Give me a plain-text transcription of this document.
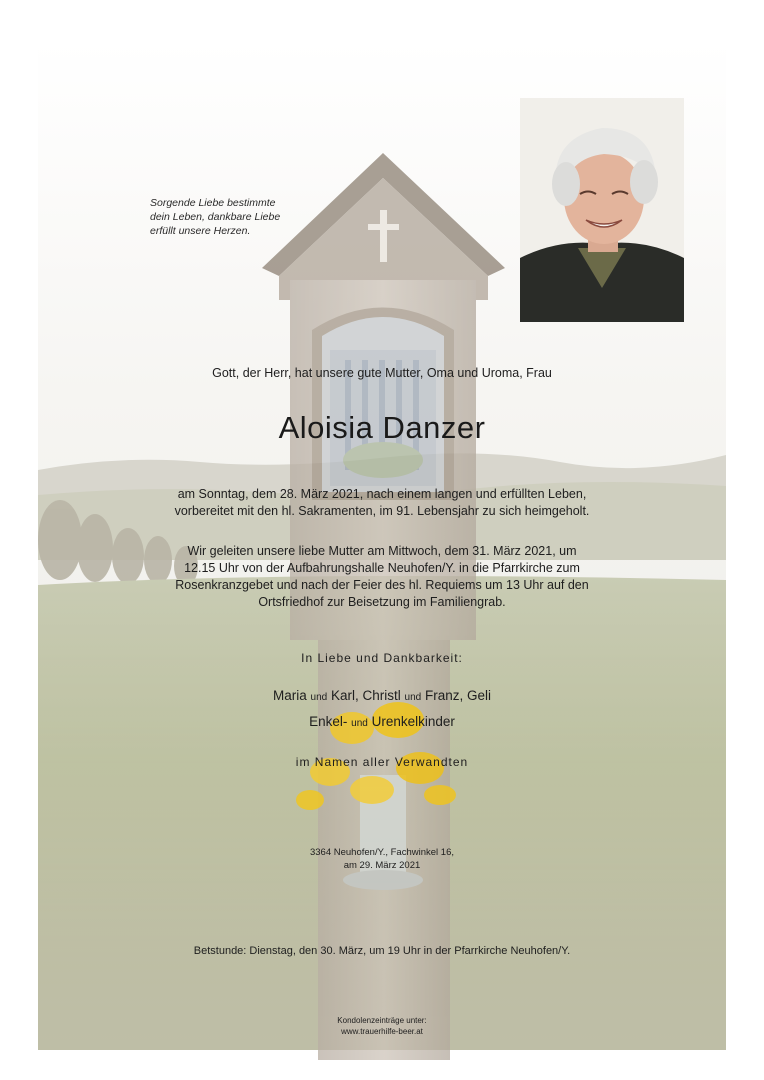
Sorgende Liebe bestimmte
dein Leben, dankbare Liebe
erfüllt unsere Herzen.
Gott, der Herr, hat unsere gute Mutter, Oma und Uroma, Frau
Aloisia Danzer
am Sonntag, dem 28. März 2021, nach einem langen und erfüllten Leben,
vorbereitet mit den hl. Sakramenten, im 91. Lebensjahr zu sich heimgeholt.
Wir geleiten unsere liebe Mutter am Mittwoch, dem 31. März 2021, um
12.15 Uhr von der Aufbahrungshalle Neuhofen/Y. in die Pfarrkirche zum
Rosenkranzgebet und nach der Feier des hl. Requiems um 13 Uhr auf den
Ortsfriedhof zur Beisetzung im Familiengrab.
In Liebe und Dankbarkeit:
Maria und Karl, Christl und Franz, Geli
Enkel- und Urenkelkinder
im Namen aller Verwandten
3364 Neuhofen/Y., Fachwinkel 16,
am 29. März 2021
Betstunde: Dienstag, den 30. März, um 19 Uhr in der Pfarrkirche Neuhofen/Y.
Kondolenzeinträge unter:
www.trauerhilfe-beer.at
